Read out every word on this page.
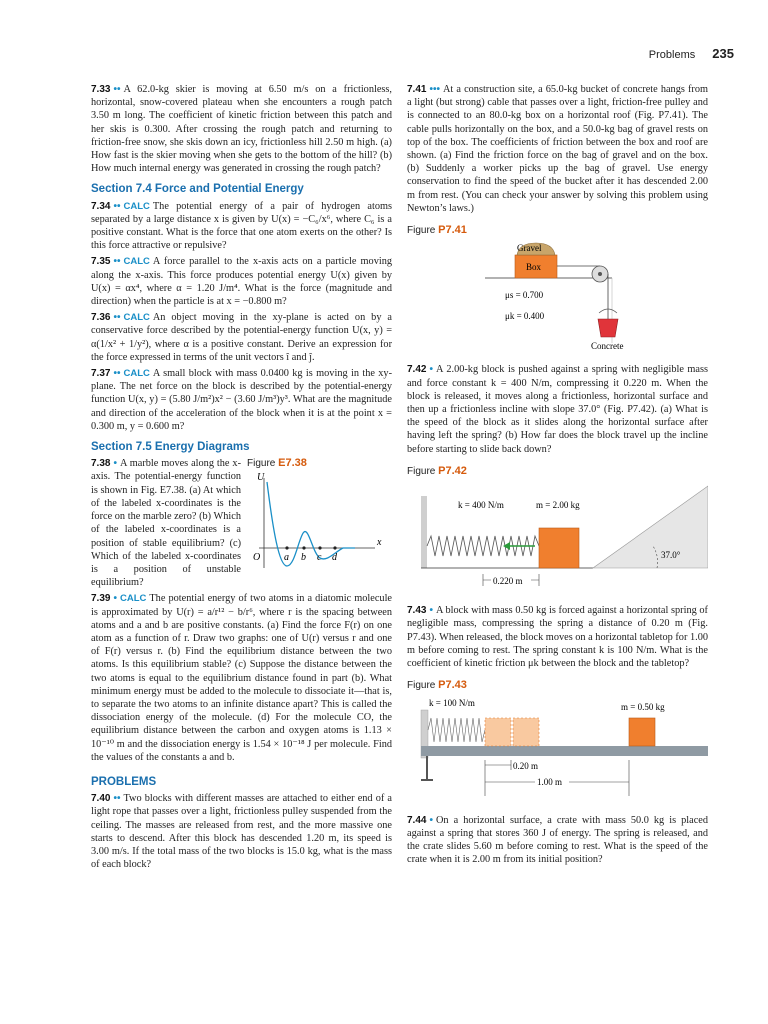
Problems 235

7.33 •• A 62.0-kg skier is moving at 6.50 m/s on a frictionless, horizontal, snow-covered plateau when she encounters a rough patch 3.50 m long. The coefficient of kinetic friction between this patch and her skis is 0.300. After crossing the rough patch and returning to friction-free snow, she skis down an icy, frictionless hill 2.50 m high. (a) How fast is the skier moving when she gets to the bottom of the hill? (b) How much internal energy was generated in crossing the rough patch?

Section 7.4 Force and Potential Energy

7.34 •• CALC The potential energy of a pair of hydrogen atoms separated by a large distance x is given by U(x) = −C₆/x⁶, where C₆ is a positive constant. What is the force that one atom exerts on the other? Is this force attractive or repulsive?

7.35 •• CALC A force parallel to the x-axis acts on a particle moving along the x-axis. This force produces potential energy U(x) given by U(x) = αx⁴, where α = 1.20 J/m⁴. What is the force (magnitude and direction) when the particle is at x = −0.800 m?

7.36 •• CALC An object moving in the xy-plane is acted on by a conservative force described by the potential-energy function U(x, y) = α(1/x² + 1/y²), where α is a positive constant. Derive an expression for the force expressed in terms of the unit vectors î and ĵ.

7.37 •• CALC A small block with mass 0.0400 kg is moving in the xy-plane. The net force on the block is described by the potential-energy function U(x, y) = (5.80 J/m²)x² − (3.60 J/m³)y³. What are the magnitude and direction of the acceleration of the block when it is at the point x = 0.300 m, y = 0.600 m?

Section 7.5 Energy Diagrams
Figure E7.38
U
x
O a b c d
7.38 • A marble moves along the x-axis. The potential-energy function is shown in Fig. E7.38. (a) At which of the labeled x-coordinates is the force on the marble zero? (b) Which of the labeled x-coordinates is a position of stable equilibrium? (c) Which of the labeled x-coordinates is a position of unstable equilibrium?

7.39 • CALC The potential energy of two atoms in a diatomic molecule is approximated by U(r) = a/r¹² − b/r⁶, where r is the spacing between atoms and a and b are positive constants. (a) Find the force F(r) on one atom as a function of r. Draw two graphs: one of U(r) versus r and one of F(r) versus r. (b) Find the equilibrium distance between the two atoms. Is this equilibrium stable? (c) Suppose the distance between the two atoms is equal to the equilibrium distance found in part (b). What minimum energy must be added to the molecule to dissociate it—that is, to separate the two atoms to an infinite distance apart? This is called the dissociation energy of the molecule. (d) For the molecule CO, the equilibrium distance between the carbon and oxygen atoms is 1.13 × 10⁻¹⁰ m and the dissociation energy is 1.54 × 10⁻¹⁸ J per molecule. Find the values of the constants a and b.

PROBLEMS

7.40 •• Two blocks with different masses are attached to either end of a light rope that passes over a light, frictionless pulley suspended from the ceiling. The masses are released from rest, and the more massive one starts to descend. After this block has descended 1.20 m, its speed is 3.00 m/s. If the total mass of the two blocks is 15.0 kg, what is the mass of each block?

7.41 ••• At a construction site, a 65.0-kg bucket of concrete hangs from a light (but strong) cable that passes over a light, friction-free pulley and is connected to an 80.0-kg box on a horizontal roof (Fig. P7.41). The cable pulls horizontally on the box, and a 50.0-kg bag of gravel rests on top of the box. The coefficients of friction between the box and roof are shown. (a) Find the friction force on the bag of gravel and on the box. (b) Suddenly a worker picks up the bag of gravel. Use energy conservation to find the speed of the bucket after it has descended 2.00 m from rest. (You can check your answer by solving this problem using Newton’s laws.)

Figure P7.41
Gravel
Box
μs = 0.700
μk = 0.400
Concrete

7.42 • A 2.00-kg block is pushed against a spring with negligible mass and force constant k = 400 N/m, compressing it 0.220 m. When the block is released, it moves along a frictionless, horizontal surface and then up a frictionless incline with slope 37.0° (Fig. P7.42). (a) What is the speed of the block as it slides along the horizontal surface after having left the spring? (b) How far does the block travel up the incline before starting to slide back down?

Figure P7.42
k = 400 N/m	m = 2.00 kg
37.0°
0.220 m

7.43 • A block with mass 0.50 kg is forced against a horizontal spring of negligible mass, compressing the spring a distance of 0.20 m (Fig. P7.43). When released, the block moves on a horizontal tabletop for 1.00 m before coming to rest. The spring constant k is 100 N/m. What is the coefficient of kinetic friction μk between the block and the tabletop?

Figure P7.43
k = 100 N/m	m = 0.50 kg
0.20 m
1.00 m

7.44 • On a horizontal surface, a crate with mass 50.0 kg is placed against a spring that stores 360 J of energy. The spring is released, and the crate slides 5.60 m before coming to rest. What is the speed of the crate when it is 2.00 m from its initial position?
